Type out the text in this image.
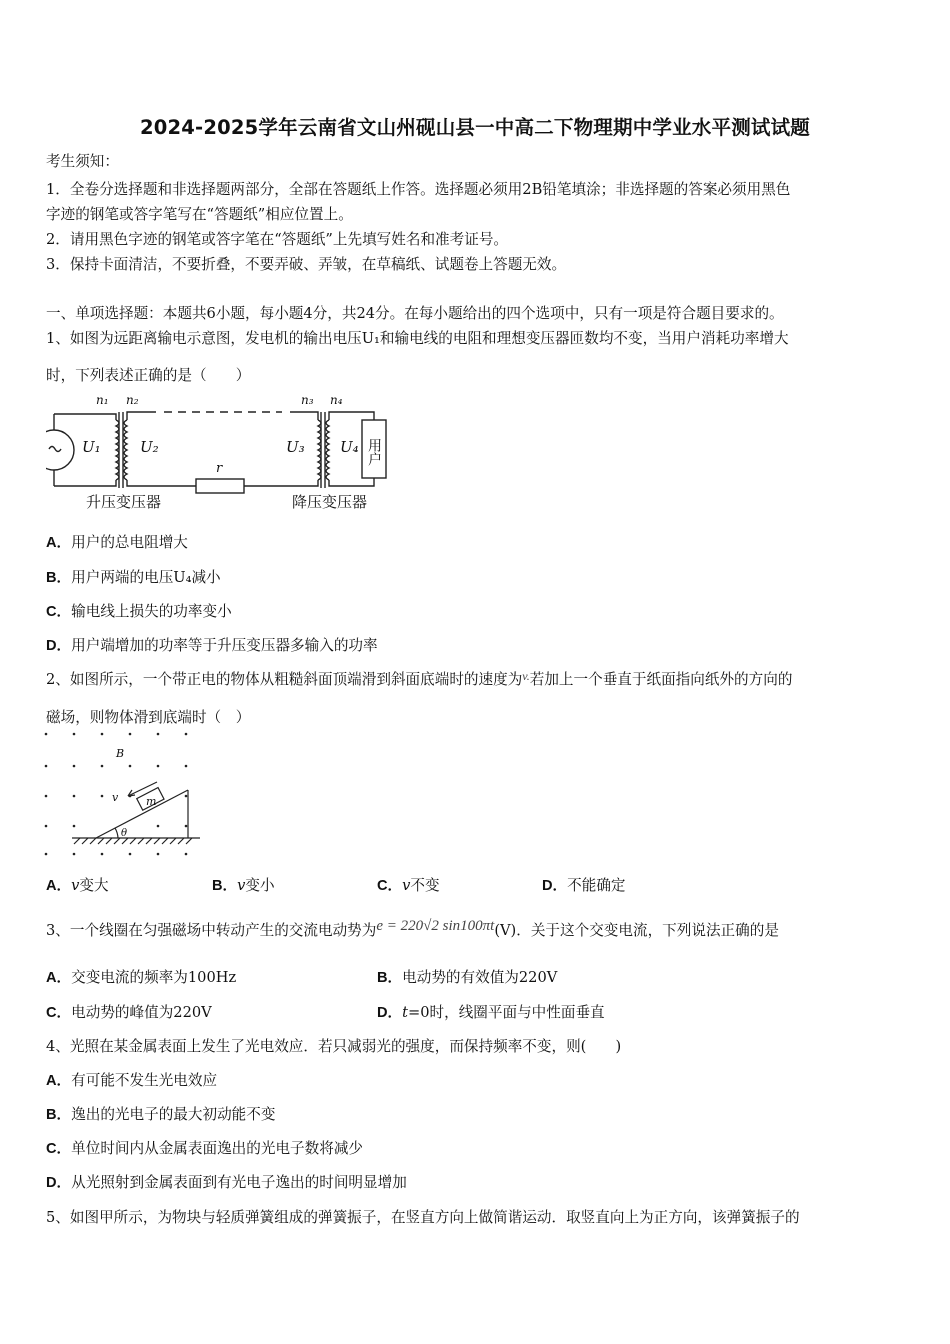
2024-2025学年云南省文山州砚山县一中高二下物理期中学业水平测试试题
考生须知：
1．全卷分选择题和非选择题两部分，全部在答题纸上作答。选择题必须用2B铅笔填涂；非选择题的答案必须用黑色
字迹的钢笔或答字笔写在“答题纸”相应位置上。
2．请用黑色字迹的钢笔或答字笔在“答题纸”上先填写姓名和准考证号。
3．保持卡面清洁，不要折叠，不要弄破、弄皱，在草稿纸、试题卷上答题无效。
一、单项选择题：本题共6小题，每小题4分，共24分。在每小题给出的四个选项中，只有一项是符合题目要求的。
1、如图为远距离输电示意图，发电机的输出电压U₁和输电线的电阻和理想变压器匝数均不变，当用户消耗功率增大
时，下列表述正确的是（　　）
n₁ n₂	n₃ n₄
U₁	U₂	U₃ U₄
r
用户
升压变压器	降压变压器
A．用户的总电阻增大
B．用户两端的电压U₄减小
C．输电线上损失的功率变小
D．用户端增加的功率等于升压变压器多输入的功率
2、如图所示，一个带正电的物体从粗糙斜面顶端滑到斜面底端时的速度为$^{v.}$若加上一个垂直于纸面指向纸外的方向的
磁场，则物体滑到底端时（　）
B
v	m
θ
A．v变大	B．v变小	C．v不变	D．不能确定
3、一个线圈在匀强磁场中转动产生的交流电动势为e = 220√2 sin100πt(V)．关于这个交变电流，下列说法正确的是
A．交变电流的频率为100Hz	B．电动势的有效值为220V
C．电动势的峰值为220V	D．t=0时，线圈平面与中性面垂直
4、光照在某金属表面上发生了光电效应．若只减弱光的强度，而保持频率不变，则(　　)
A．有可能不发生光电效应
B．逸出的光电子的最大初动能不变
C．单位时间内从金属表面逸出的光电子数将减少
D．从光照射到金属表面到有光电子逸出的时间明显增加
5、如图甲所示，为物块与轻质弹簧组成的弹簧振子，在竖直方向上做简谐运动．取竖直向上为正方向，该弹簧振子的
